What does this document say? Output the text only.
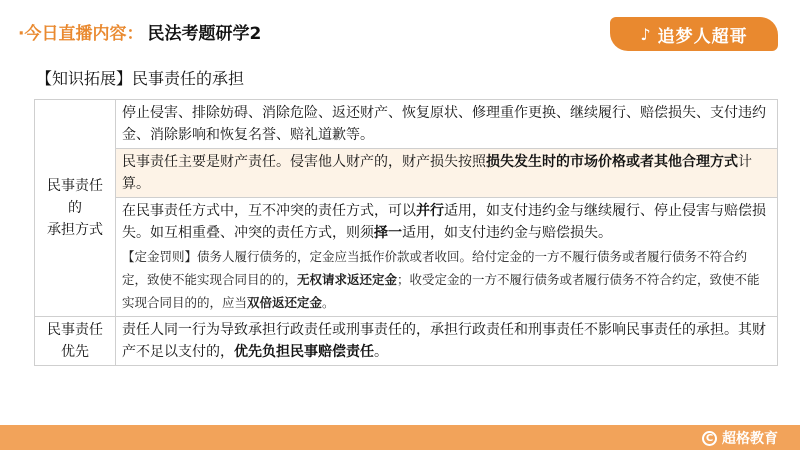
·今日直播内容： 民法考题研学2	♪ 追梦人超哥
【知识拓展】民事责任的承担
民事责任
的
承担方式	停止侵害、排除妨碍、消除危险、返还财产、恢复原状、修理重作更换、继续履行、赔偿损失、支付违约金、消除影响和恢复名誉、赔礼道歉等。
	民事责任主要是财产责任。侵害他人财产的，财产损失按照损失发生时的市场价格或者其他合理方式计算。

	在民事责任方式中，互不冲突的责任方式，可以并行适用，如支付违约金与继续履行、停止侵害与赔偿损失。如互相重叠、冲突的责任方式，则须择一适用，如支付违约金与赔偿损失。
【定金罚则】债务人履行债务的，定金应当抵作价款或者收回。给付定金的一方不履行债务或者履行债务不符合约定，致使不能实现合同目的的，无权请求返还定金；收受定金的一方不履行债务或者履行债务不符合约定，致使不能实现合同目的的，应当双倍返还定金。

民事责任
优先	责任人同一行为导致承担行政责任或刑事责任的，承担行政责任和刑事责任不影响民事责任的承担。其财产不足以支付的，优先负担民事赔偿责任。
C 超格教育
